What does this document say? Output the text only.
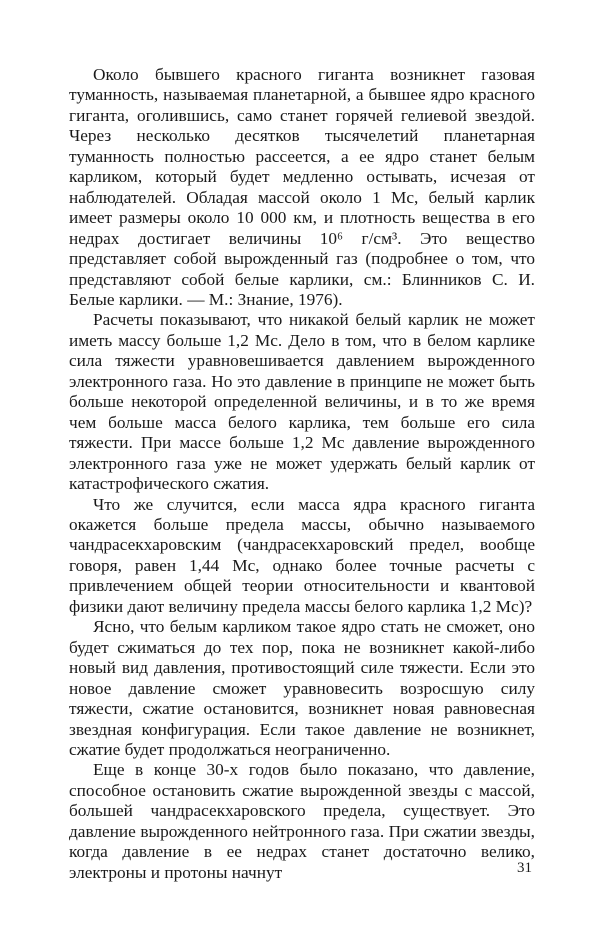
Около бывшего красного гиганта возникнет газовая туманность, называемая планетарной, а бывшее ядро красного гиганта, оголившись, само станет горячей гелиевой звездой. Через несколько десятков тысячелетий планетарная туманность полностью рассеется, а ее ядро станет белым карликом, который будет медленно остывать, исчезая от наблюдателей. Обладая массой около 1 Mс, белый карлик имеет размеры около 10 000 км, и плотность вещества в его недрах достигает величины 10⁶ г/см³. Это вещество представляет собой вырожденный газ (подробнее о том, что представляют собой белые карлики, см.: Блинников С. И. Белые карлики. — М.: Знание, 1976).

Расчеты показывают, что никакой белый карлик не может иметь массу больше 1,2 Mс. Дело в том, что в белом карлике сила тяжести уравновешивается давлением вырожденного электронного газа. Но это давление в принципе не может быть больше некоторой определенной величины, и в то же время чем больше масса белого карлика, тем больше его сила тяжести. При массе больше 1,2 Mс давление вырожденного электронного газа уже не может удержать белый карлик от катастрофического сжатия.

Что же случится, если масса ядра красного гиганта окажется больше предела массы, обычно называемого чандрасекхаровским (чандрасекхаровский предел, вообще говоря, равен 1,44 Mс, однако более точные расчеты с привлечением общей теории относительности и квантовой физики дают величину предела массы белого карлика 1,2 Mс)?

Ясно, что белым карликом такое ядро стать не сможет, оно будет сжиматься до тех пор, пока не возникнет какой-либо новый вид давления, противостоящий силе тяжести. Если это новое давление сможет уравновесить возросшую силу тяжести, сжатие остановится, возникнет новая равновесная звездная конфигурация. Если такое давление не возникнет, сжатие будет продолжаться неограниченно.

Еще в конце 30-х годов было показано, что давление, способное остановить сжатие вырожденной звезды с массой, большей чандрасекхаровского предела, существует. Это давление вырожденного нейтронного газа. При сжатии звезды, когда давление в ее недрах станет достаточно велико, электроны и протоны начнут	31
